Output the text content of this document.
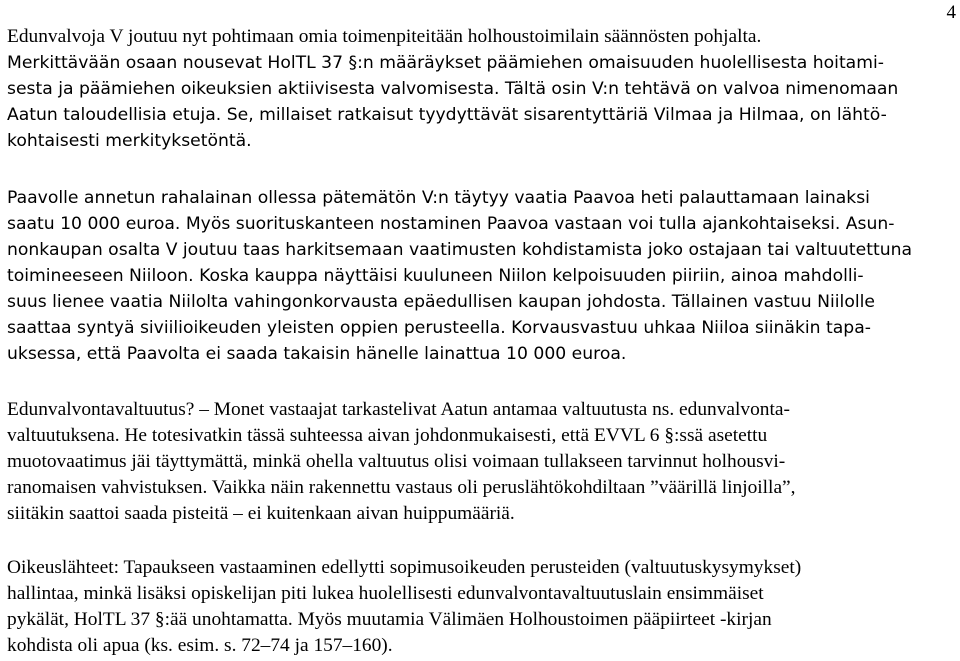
4
Edunvalvoja V joutuu nyt pohtimaan omia toimenpiteitään holhoustoimilain säännösten pohjalta.
Merkittävään osaan nousevat HolTL 37 §:n määräykset päämiehen omaisuuden huolellisesta hoitami-
sesta ja päämiehen oikeuksien aktiivisesta valvomisesta. Tältä osin V:n tehtävä on valvoa nimenomaan
Aatun taloudellisia etuja. Se, millaiset ratkaisut tyydyttävät sisarentyttäriä Vilmaa ja Hilmaa, on lähtö-
kohtaisesti merkityksetöntä.
Paavolle annetun rahalainan ollessa pätemätön V:n täytyy vaatia Paavoa heti palauttamaan lainaksi
saatu 10 000 euroa. Myös suorituskanteen nostaminen Paavoa vastaan voi tulla ajankohtaiseksi. Asun-
nonkaupan osalta V joutuu taas harkitsemaan vaatimusten kohdistamista joko ostajaan tai valtuutettuna
toimineeseen Niiloon. Koska kauppa näyttäisi kuuluneen Niilon kelpoisuuden piiriin, ainoa mahdolli-
suus lienee vaatia Niilolta vahingonkorvausta epäedullisen kaupan johdosta. Tällainen vastuu Niilolle
saattaa syntyä siviilioikeuden yleisten oppien perusteella. Korvausvastuu uhkaa Niiloa siinäkin tapa-
uksessa, että Paavolta ei saada takaisin hänelle lainattua 10 000 euroa.
Edunvalvontavaltuutus? – Monet vastaajat tarkastelivat Aatun antamaa valtuutusta ns. edunvalvonta-
valtuutuksena. He totesivatkin tässä suhteessa aivan johdonmukaisesti, että EVVL 6 §:ssä asetettu
muotovaatimus jäi täyttymättä, minkä ohella valtuutus olisi voimaan tullakseen tarvinnut holhousvi-
ranomaisen vahvistuksen. Vaikka näin rakennettu vastaus oli peruslähtökohdiltaan ”väärillä linjoilla”,
siitäkin saattoi saada pisteitä – ei kuitenkaan aivan huippumääriä.
Oikeuslähteet: Tapaukseen vastaaminen edellytti sopimusoikeuden perusteiden (valtuutuskysymykset)
hallintaa, minkä lisäksi opiskelijan piti lukea huolellisesti edunvalvontavaltuutuslain ensimmäiset
pykälät, HolTL 37 §:ää unohtamatta. Myös muutamia Välimäen Holhoustoimen pääpiirteet -kirjan
kohdista oli apua (ks. esim. s. 72–74 ja 157–160).
